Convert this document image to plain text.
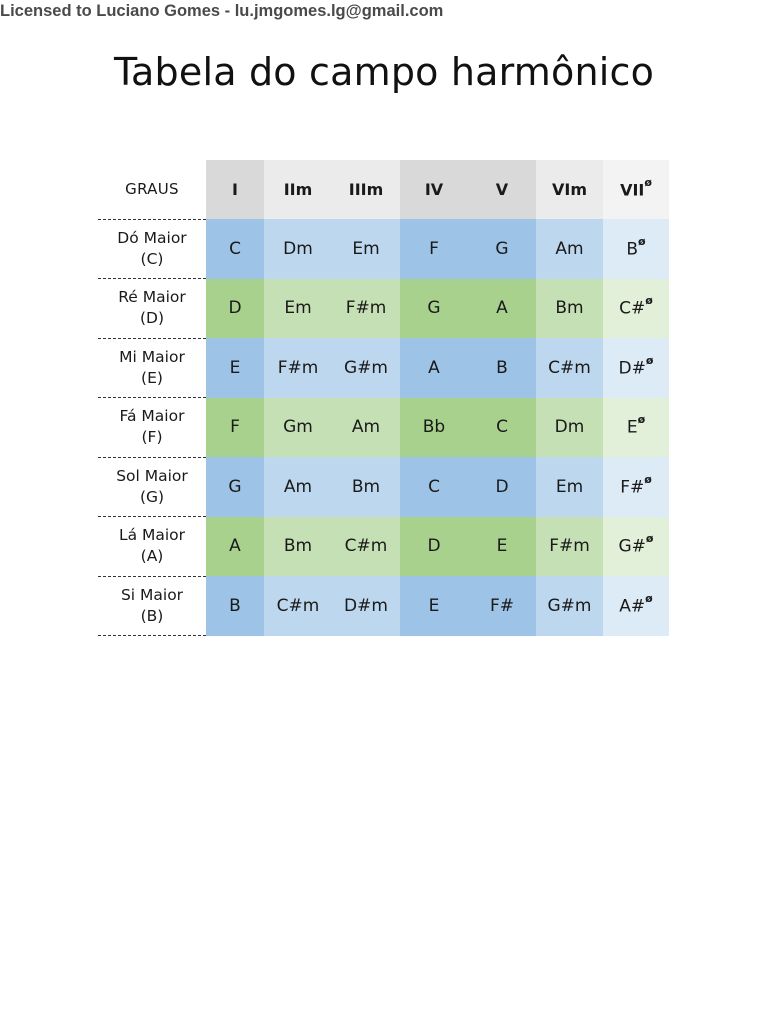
Licensed to Luciano Gomes - lu.jmgomes.lg@gmail.com
Tabela do campo harmônico
GRAUS	I	IIm	IIIm	IV	V	VIm	$VII^ø$

Dó Maior
(C)	C	Dm	Em	F	G	Am	$B^ø$

Ré Maior
(D)	D	Em	F#m	G	A	Bm	C#$^ø$

Mi Maior
(E)	E	F#m	G#m	A	B	C#m	D#$^ø$

Fá Maior
(F)	F	Gm	Am	Bb	C	Dm	$E^ø$

Sol Maior
(G)	G	Am	Bm	C	D	Em	F#$^ø$

Lá Maior
(A)	A	Bm	C#m	D	E	F#m	G#$^ø$

Si Maior
(B)	B	C#m	D#m	E	F#	G#m	A#$^ø$
